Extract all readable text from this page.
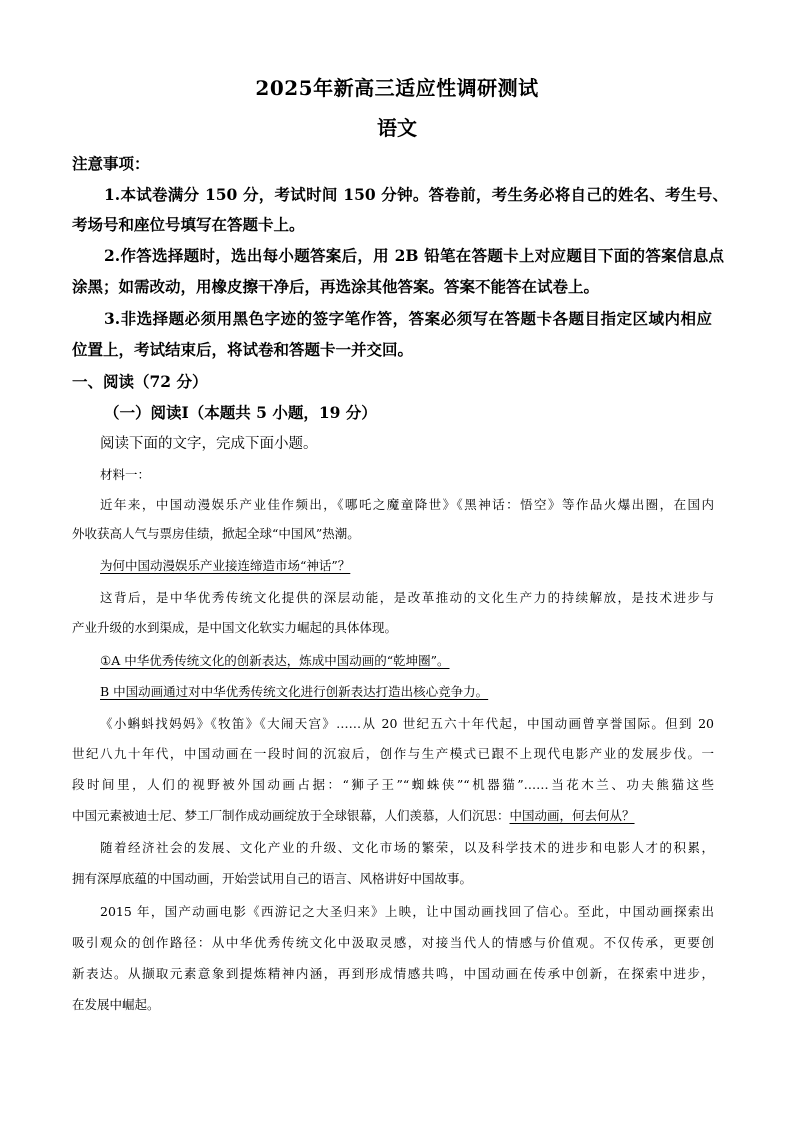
2025年新高三适应性调研测试
语文
注意事项：
1.本试卷满分 150 分，考试时间 150 分钟。答卷前，考生务必将自己的姓名、考生号、
考场号和座位号填写在答题卡上。
2.作答选择题时，选出每小题答案后，用 2B 铅笔在答题卡上对应题目下面的答案信息点
涂黑；如需改动，用橡皮擦干净后，再选涂其他答案。答案不能答在试卷上。
3.非选择题必须用黑色字迹的签字笔作答，答案必须写在答题卡各题目指定区域内相应
位置上，考试结束后，将试卷和答题卡一并交回。
一、阅读（72 分）
（一）阅读Ⅰ（本题共 5 小题，19 分）
阅读下面的文字，完成下面小题。
材料一：
近年来，中国动漫娱乐产业佳作频出，《哪吒之魔童降世》《黑神话：悟空》等作品火爆出圈，在国内
外收获高人气与票房佳绩，掀起全球“中国风”热潮。
为何中国动漫娱乐产业接连缔造市场“神话”？
这背后，是中华优秀传统文化提供的深层动能，是改革推动的文化生产力的持续解放，是技术进步与
产业升级的水到渠成，是中国文化软实力崛起的具体体现。
①A 中华优秀传统文化的创新表达，炼成中国动画的“乾坤圈”。
B 中国动画通过对中华优秀传统文化进行创新表达打造出核心竞争力。
《小蝌蚪找妈妈》《牧笛》《大闹天宫》……从 20 世纪五六十年代起，中国动画曾享誉国际。但到 20
世纪八九十年代，中国动画在一段时间的沉寂后，创作与生产模式已跟不上现代电影产业的发展步伐。一
段时间里，人们的视野被外国动画占据：“狮子王”“蜘蛛侠”“机器猫”……当花木兰、功夫熊猫这些
中国元素被迪士尼、梦工厂制作成动画绽放于全球银幕，人们羡慕，人们沉思：中国动画，何去何从？
随着经济社会的发展、文化产业的升级、文化市场的繁荣，以及科学技术的进步和电影人才的积累，
拥有深厚底蕴的中国动画，开始尝试用自己的语言、风格讲好中国故事。
2015 年，国产动画电影《西游记之大圣归来》上映，让中国动画找回了信心。至此，中国动画探索出
吸引观众的创作路径：从中华优秀传统文化中汲取灵感，对接当代人的情感与价值观。不仅传承，更要创
新表达。从撷取元素意象到提炼精神内涵，再到形成情感共鸣，中国动画在传承中创新，在探索中进步，
在发展中崛起。
